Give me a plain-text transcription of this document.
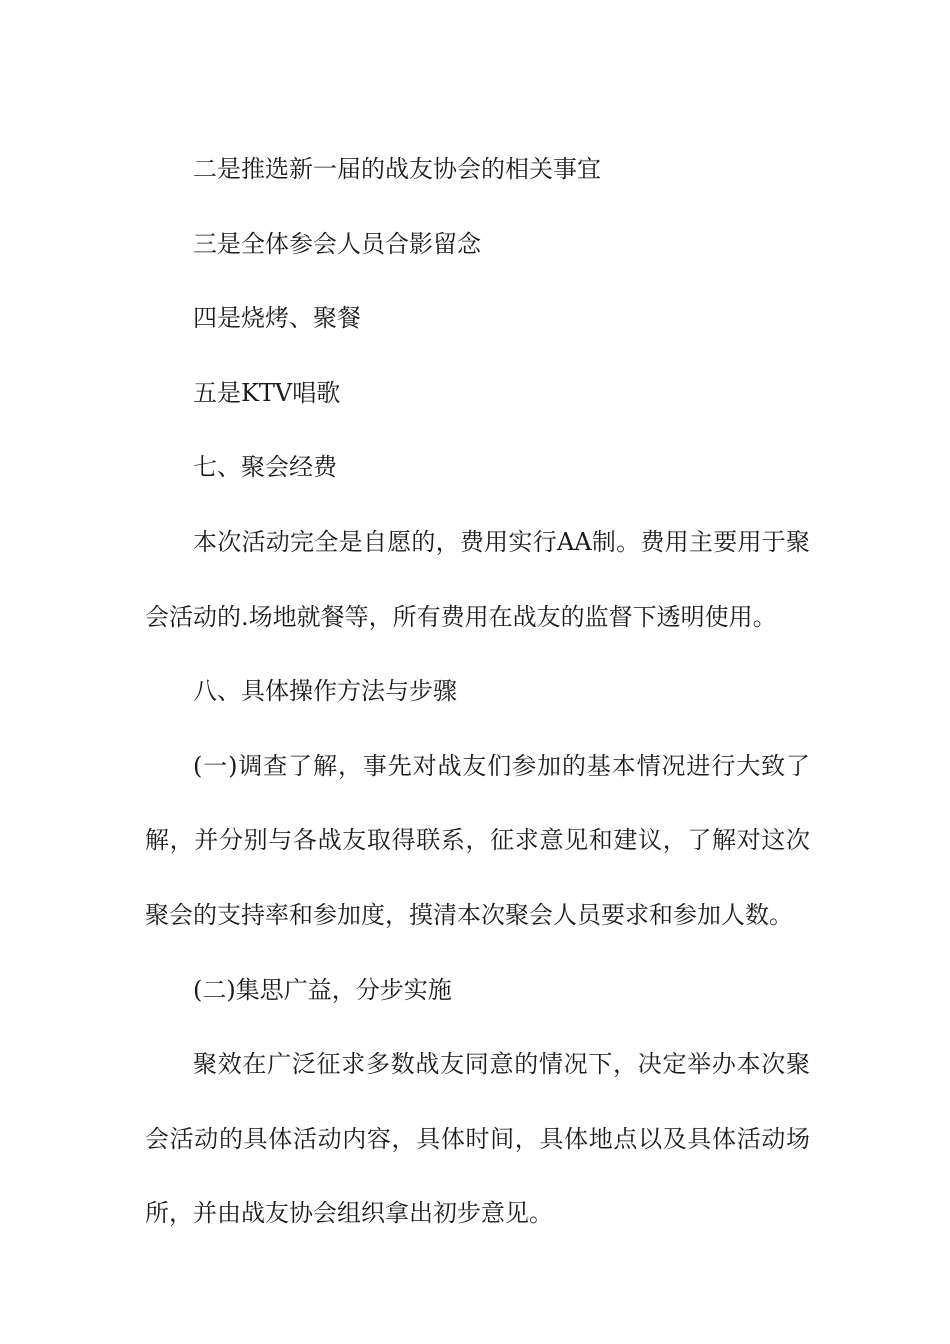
二是推选新一届的战友协会的相关事宜

三是全体参会人员合影留念

四是烧烤、聚餐

五是KTV唱歌

七、聚会经费

本次活动完全是自愿的，费用实行AA制。费用主要用于聚会活动的.场地就餐等，所有费用在战友的监督下透明使用。

八、具体操作方法与步骤

(一)调查了解，事先对战友们参加的基本情况进行大致了解，并分别与各战友取得联系，征求意见和建议，了解对这次聚会的支持率和参加度，摸清本次聚会人员要求和参加人数。

(二)集思广益，分步实施

聚效在广泛征求多数战友同意的情况下，决定举办本次聚会活动的具体活动内容，具体时间，具体地点以及具体活动场所，并由战友协会组织拿出初步意见。
